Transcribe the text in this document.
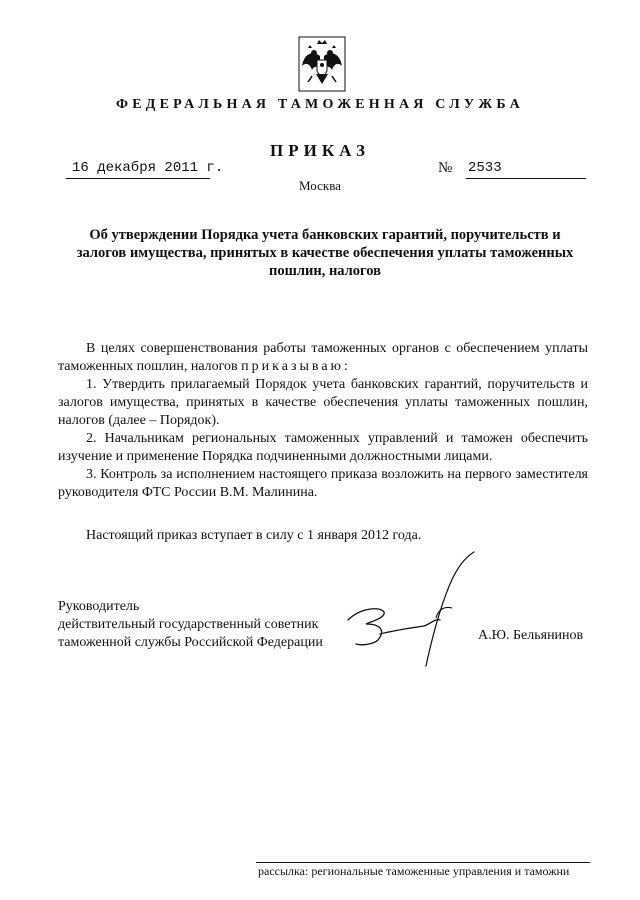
ФЕДЕРАЛЬНАЯ ТАМОЖЕННАЯ СЛУЖБА
ПРИКАЗ
16 декабря 2011 г.	№ 2533
Москва
Об утверждении Порядка учета банковских гарантий, поручительств и залогов имущества, принятых в качестве обеспечения уплаты таможенных пошлин, налогов

В целях совершенствования работы таможенных органов с обеспечением уплаты таможенных пошлин, налогов приказываю:

1. Утвердить прилагаемый Порядок учета банковских гарантий, поручительств и залогов имущества, принятых в качестве обеспечения уплаты таможенных пошлин, налогов (далее – Порядок).

2. Начальникам региональных таможенных управлений и таможен обеспечить изучение и применение Порядка подчиненными должностными лицами.

3. Контроль за исполнением настоящего приказа возложить на первого заместителя руководителя ФТС России В.М. Малинина.

Настоящий приказ вступает в силу с 1 января 2012 года.
Руководитель
действительный государственный советник
таможенной службы Российской Федерации	А.Ю. Бельянинов
рассылка: региональные таможенные управления и таможни
